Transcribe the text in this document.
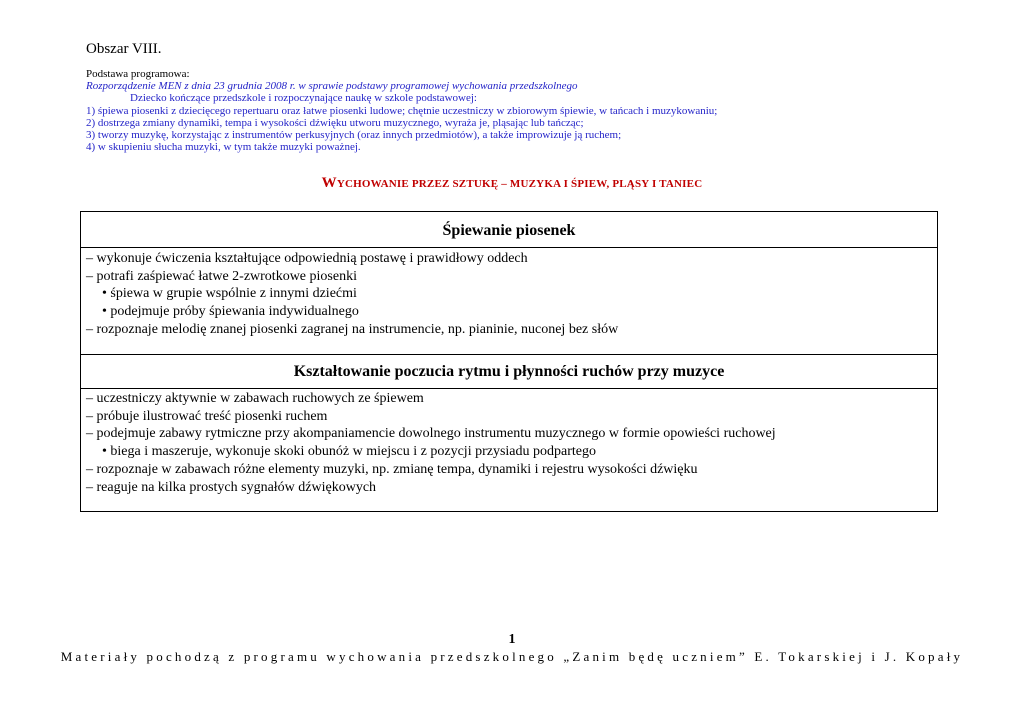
Obszar VIII.
Podstawa programowa:
Rozporządzenie MEN z dnia 23 grudnia 2008 r. w sprawie podstawy programowej wychowania przedszkolnego
Dziecko kończące przedszkole i rozpoczynające naukę w szkole podstawowej:
1) śpiewa piosenki z dziecięcego repertuaru oraz łatwe piosenki ludowe; chętnie uczestniczy w zbiorowym śpiewie, w tańcach i muzykowaniu;
2) dostrzega zmiany dynamiki, tempa i wysokości dźwięku utworu muzycznego, wyraża je, pląsając lub tańcząc;
3) tworzy muzykę, korzystając z instrumentów perkusyjnych (oraz innych przedmiotów), a także improwizuje ją ruchem;
4) w skupieniu słucha muzyki, w tym także muzyki poważnej.
WYCHOWANIE PRZEZ SZTUKĘ – MUZYKA I ŚPIEW, PLĄSY I TANIEC
Śpiewanie piosenek
– wykonuje ćwiczenia kształtujące odpowiednią postawę i prawidłowy oddech
– potrafi zaśpiewać łatwe 2-zwrotkowe piosenki
• śpiewa w grupie wspólnie z innymi dziećmi
• podejmuje próby śpiewania indywidualnego
– rozpoznaje melodię znanej piosenki zagranej na instrumencie, np. pianinie, nuconej bez słów
Kształtowanie poczucia rytmu i płynności ruchów przy muzyce
– uczestniczy aktywnie w zabawach ruchowych ze śpiewem
– próbuje ilustrować treść piosenki ruchem
– podejmuje zabawy rytmiczne przy akompaniamencie dowolnego instrumentu muzycznego w formie opowieści ruchowej
• biega i maszeruje, wykonuje skoki obunóż w miejscu i z pozycji przysiadu podpartego
– rozpoznaje w zabawach różne elementy muzyki, np. zmianę tempa, dynamiki i rejestru wysokości dźwięku
– reaguje na kilka prostych sygnałów dźwiękowych
1
Materiały pochodzą z programu wychowania przedszkolnego „Zanim będę uczniem” E. Tokarskiej i J. Kopały
